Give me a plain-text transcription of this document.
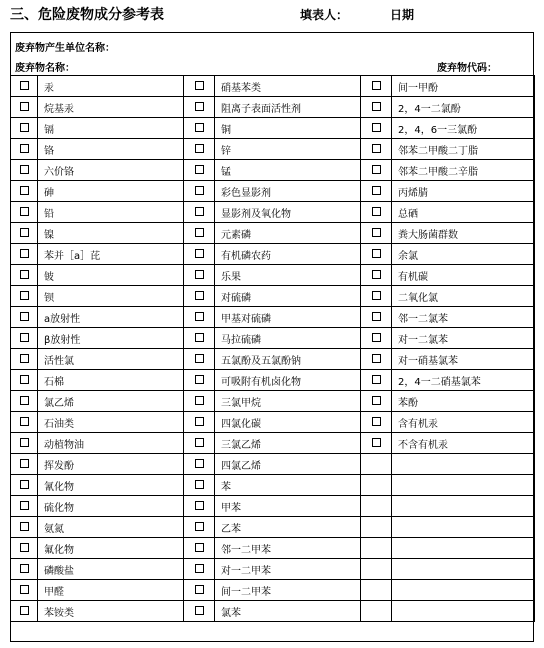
三、危险废物成分参考表	填表人：	日期
废弃物产生单位名称：
废弃物名称：	废弃物代码：
	汞		硝基苯类		间一甲酚
	烷基汞		阻离子表面活性剂		2，4一二氯酚
	镉		铜		2，4，6一三氯酚
	铬		锌		邻苯二甲酸二丁脂
	六价铬		锰		邻苯二甲酸二辛脂
	砷		彩色显影剂		丙烯腈
	铅		显影剂及氧化物		总硒
	镍		元素磷		粪大肠菌群数
	苯并［a］芘		有机磷农药		余氯
	铍		乐果		有机碳
	钡		对硫磷		二氧化氯
	a放射性		甲基对硫磷		邻一二氯苯
	β放射性		马拉硫磷		对一二氯苯
	活性氯		五氯酚及五氯酚钠		对一硝基氯苯
	石棉		可吸附有机卤化物		2，4一二硝基氯苯
	氯乙烯		三氯甲烷		苯酚
	石油类		四氯化碳		含有机汞
	动植物油		三氯乙烯		不含有机汞
	挥发酚		四氯乙烯		
	氰化物		苯		
	硫化物		甲苯		
	氨氮		乙苯		
	氟化物		邻一二甲苯		
	磷酸盐		对一二甲苯		
	甲醛		间一二甲苯		
	苯铵类		氯苯		
